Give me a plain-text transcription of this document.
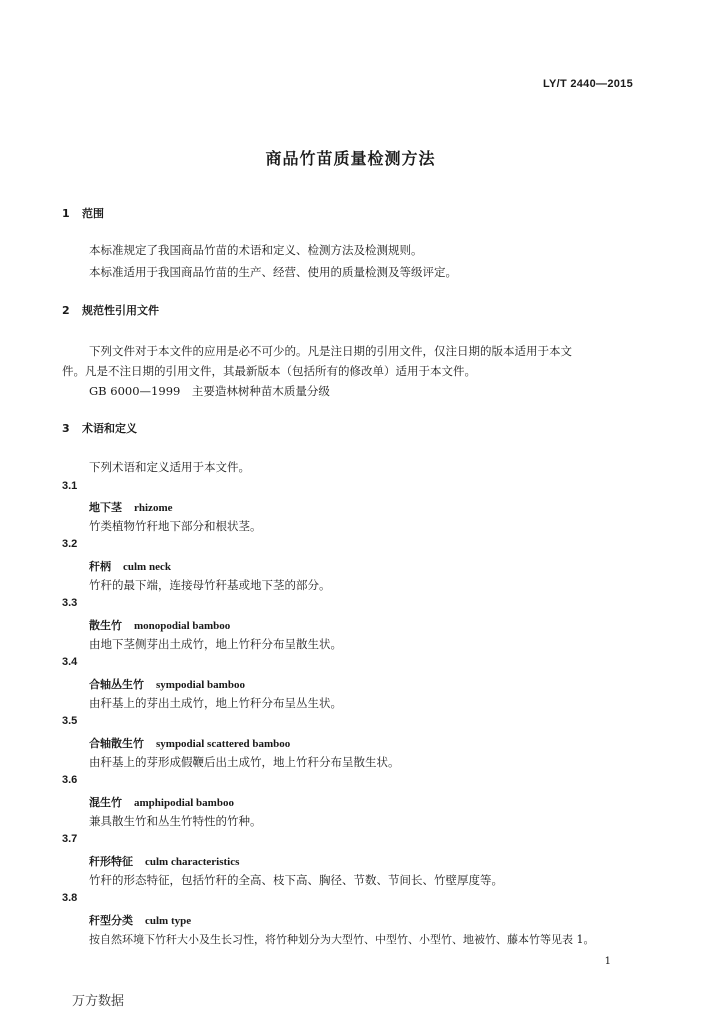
LY/T 2440—2015
商品竹苗质量检测方法
1 范围
本标准规定了我国商品竹苗的术语和定义、检测方法及检测规则。
本标准适用于我国商品竹苗的生产、经营、使用的质量检测及等级评定。
2 规范性引用文件
下列文件对于本文件的应用是必不可少的。凡是注日期的引用文件，仅注日期的版本适用于本文
件。凡是不注日期的引用文件，其最新版本（包括所有的修改单）适用于本文件。
GB 6000—1999　主要造林树种苗木质量分级
3 术语和定义
下列术语和定义适用于本文件。
3.1
地下茎 rhizome
竹类植物竹秆地下部分和根状茎。
3.2
秆柄 culm neck
竹秆的最下端，连接母竹秆基或地下茎的部分。
3.3
散生竹 monopodial bamboo
由地下茎侧芽出土成竹，地上竹秆分布呈散生状。
3.4
合轴丛生竹 sympodial bamboo
由秆基上的芽出土成竹，地上竹秆分布呈丛生状。
3.5
合轴散生竹 sympodial scattered bamboo
由秆基上的芽形成假鞭后出土成竹，地上竹秆分布呈散生状。
3.6
混生竹 amphipodial bamboo
兼具散生竹和丛生竹特性的竹种。
3.7
秆形特征 culm characteristics
竹秆的形态特征，包括竹秆的全高、枝下高、胸径、节数、节间长、竹壁厚度等。
3.8
秆型分类 culm type
按自然环境下竹秆大小及生长习性，将竹种划分为大型竹、中型竹、小型竹、地被竹、藤本竹等见表 1。
1
万方数据
